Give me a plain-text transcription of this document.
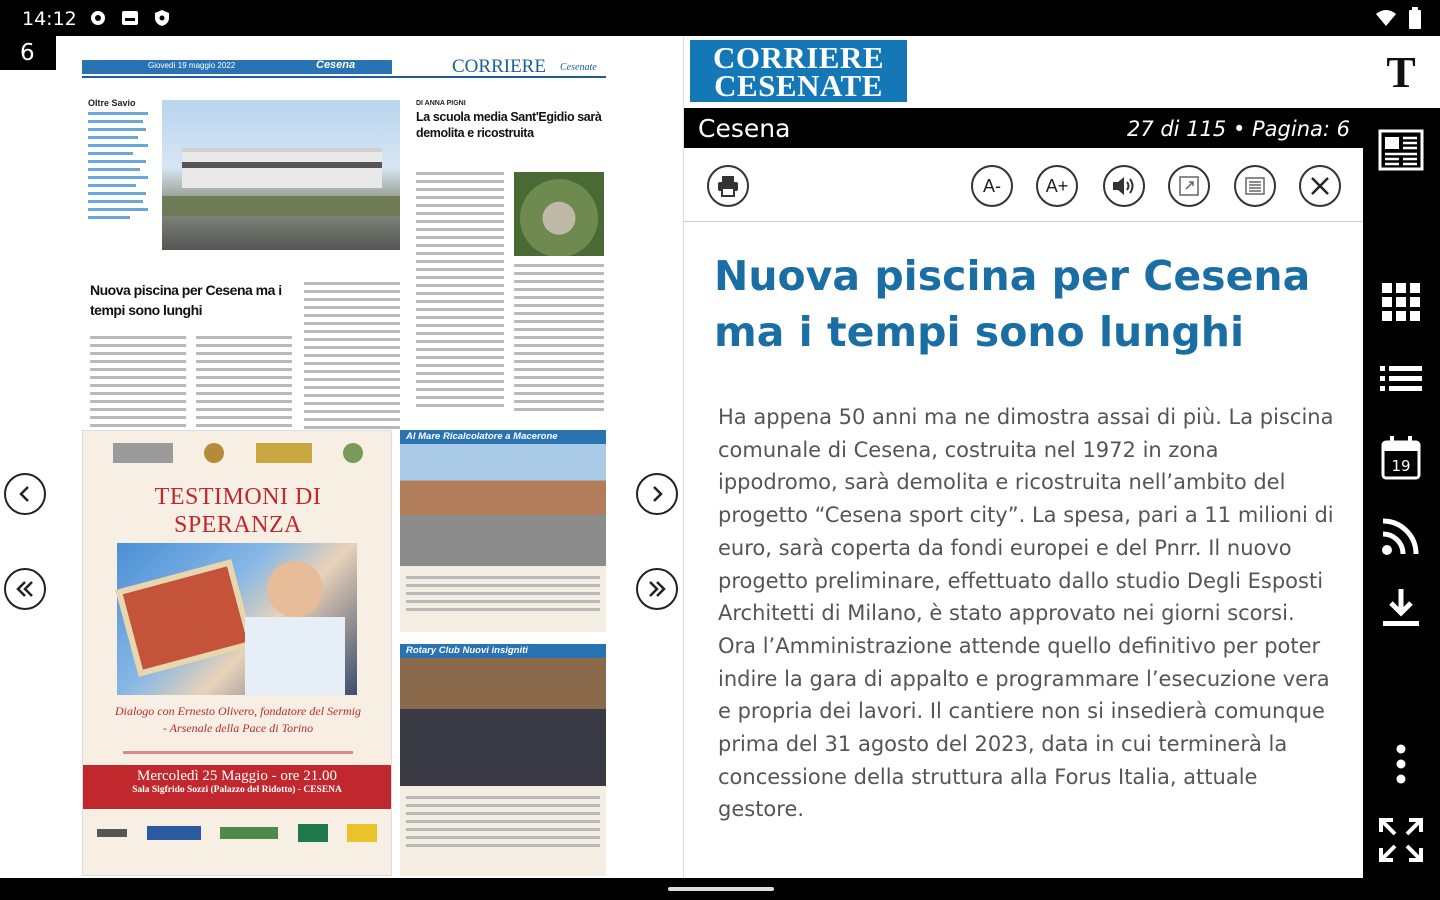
14:12
Giovedì 19 maggio 2022	Cesena	CORRIERE Cesenate
Oltre Savio	DI ANNA PIGNI
La scuola media Sant'Egidio sarà demolita e ricostruita
Nuova piscina per Cesena ma i tempi sono lunghi
TESTIMONI DI SPERANZA
Dialogo con Ernesto Olivero, fondatore del Sermig - Arsenale della Pace di Torino
Mercoledì 25 Maggio - ore 21.00
Sala Sigfrido Sozzi (Palazzo del Ridotto) - CESENA
Al Mare Ricalcolatore a Macerone
Rotary Club Nuovi insigniti
6	CORRIERE
CESENATE
Cesena	27 di 115 • Pagina: 6
A-	A+
Nuova piscina per Cesena ma i tempi sono lunghi
Ha appena 50 anni ma ne dimostra assai di più. La piscina comunale di Cesena, costruita nel 1972 in zona ippodromo, sarà demolita e ricostruita nell’ambito del progetto “Cesena sport city”. La spesa, pari a 11 milioni di euro, sarà coperta da fondi europei e del Pnrr. Il nuovo progetto preliminare, effettuato dallo studio Degli Esposti Architetti di Milano, è stato approvato nei giorni scorsi. Ora l’Amministrazione attende quello definitivo per poter indire la gara di appalto e programmare l’esecuzione vera e propria dei lavori. Il cantiere non si insedierà comunque prima del 31 agosto del 2023, data in cui terminerà la concessione della struttura alla Forus Italia, attuale gestore.
T
19
